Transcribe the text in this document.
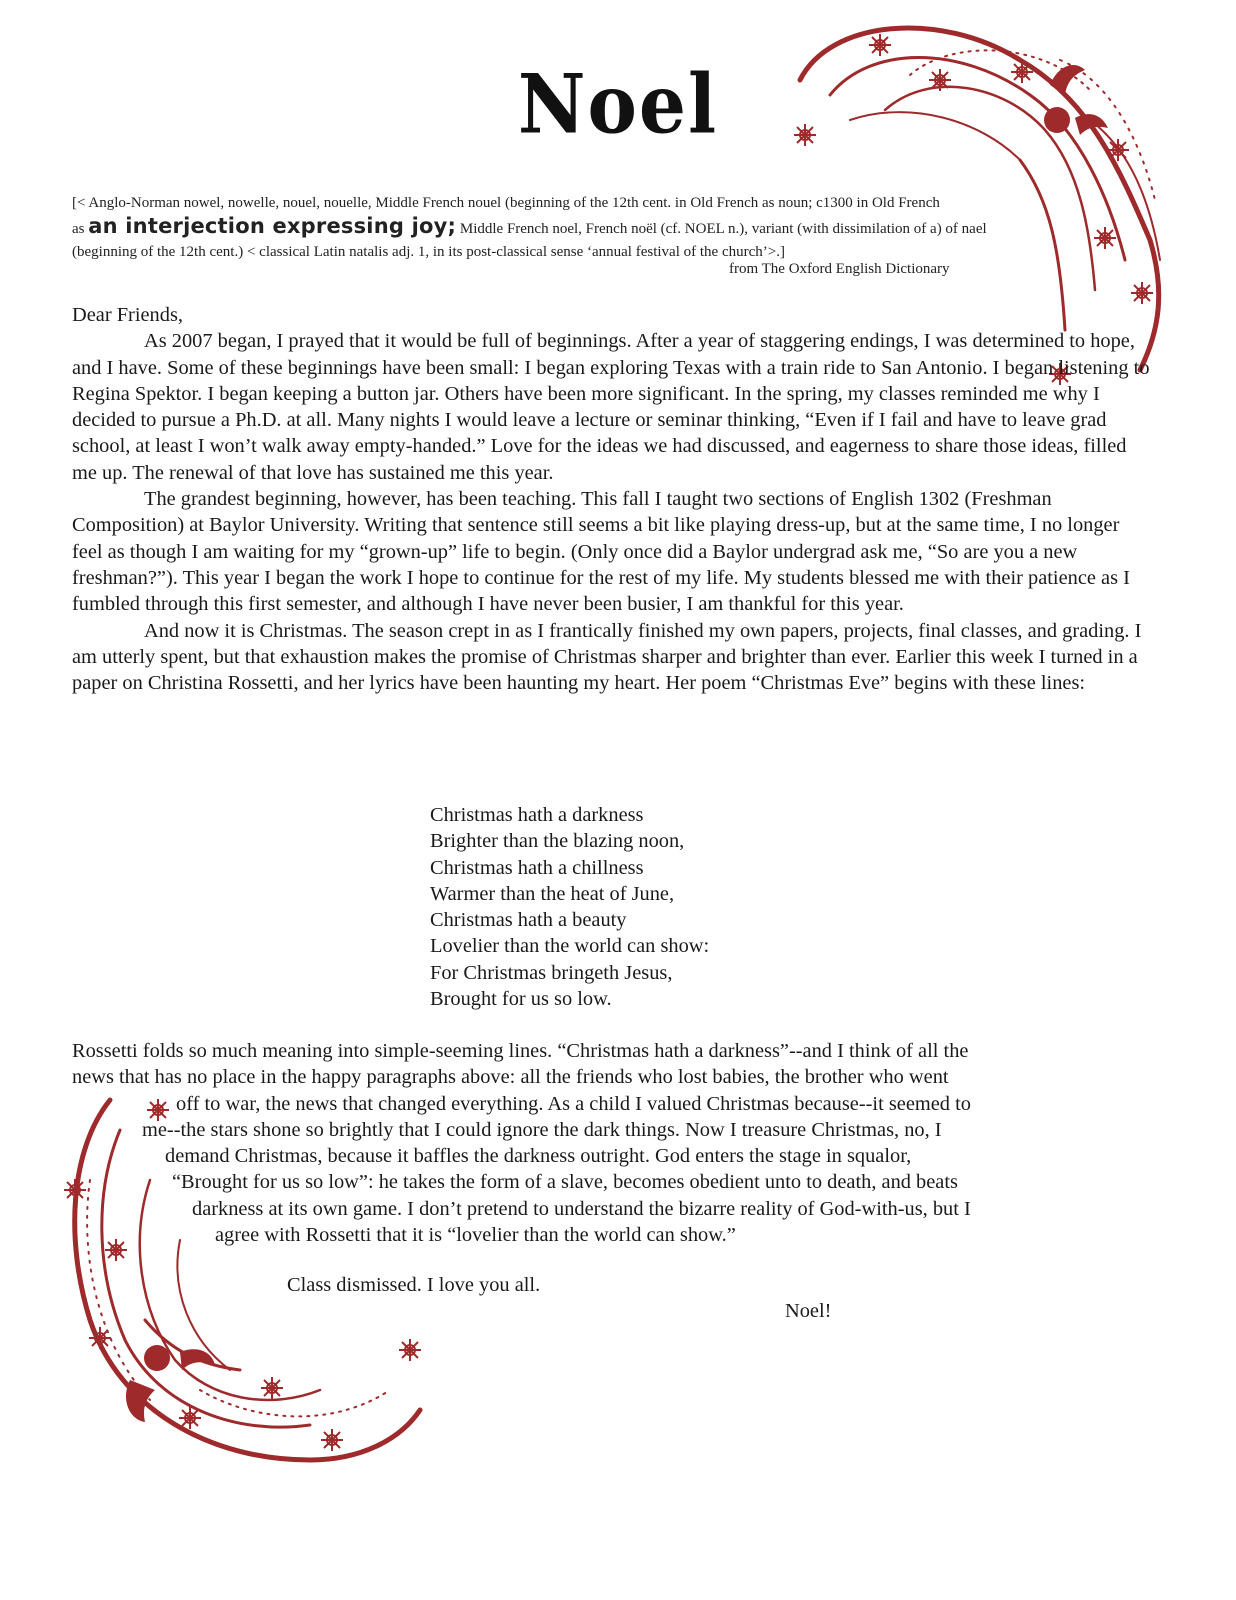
Noel
[< Anglo-Norman nowel, nowelle, nouel, nouelle, Middle French nouel (beginning of the 12th cent. in Old French as noun; c1300 in Old French
as an interjection expressing joy; Middle French noel, French noël (cf. NOEL n.), variant (with dissimilation of a) of nael
(beginning of the 12th cent.) < classical Latin natalis adj. 1, in its post-classical sense ‘annual festival of the church’>.]
from The Oxford English Dictionary

Dear Friends,

As 2007 began, I prayed that it would be full of beginnings. After a year of staggering endings, I was determined to hope, and I have. Some of these beginnings have been small: I began exploring Texas with a train ride to San Antonio. I began listening to Regina Spektor. I began keeping a button jar. Others have been more significant. In the spring, my classes reminded me why I decided to pursue a Ph.D. at all. Many nights I would leave a lecture or seminar thinking, “Even if I fail and have to leave grad school, at least I won’t walk away empty-handed.” Love for the ideas we had discussed, and eagerness to share those ideas, filled me up. The renewal of that love has sustained me this year.

The grandest beginning, however, has been teaching. This fall I taught two sections of English 1302 (Freshman Composition) at Baylor University. Writing that sentence still seems a bit like playing dress-up, but at the same time, I no longer feel as though I am waiting for my “grown-up” life to begin. (Only once did a Baylor undergrad ask me, “So are you a new freshman?”). This year I began the work I hope to continue for the rest of my life. My students blessed me with their patience as I fumbled through this first semester, and although I have never been busier, I am thankful for this year.

And now it is Christmas. The season crept in as I frantically finished my own papers, projects, final classes, and grading. I am utterly spent, but that exhaustion makes the promise of Christmas sharper and brighter than ever. Earlier this week I turned in a paper on Christina Rossetti, and her lyrics have been haunting my heart. Her poem “Christmas Eve” begins with these lines:

Christmas hath a darkness
Brighter than the blazing noon,
Christmas hath a chillness
Warmer than the heat of June,
Christmas hath a beauty
Lovelier than the world can show:
For Christmas bringeth Jesus,
Brought for us so low.
Rossetti folds so much meaning into simple-seeming lines. “Christmas hath a darkness”--and I think of all the
news that has no place in the happy paragraphs above: all the friends who lost babies, the brother who went
off to war, the news that changed everything. As a child I valued Christmas because--it seemed to
me--the stars shone so brightly that I could ignore the dark things. Now I treasure Christmas, no, I
demand Christmas, because it baffles the darkness outright. God enters the stage in squalor,
“Brought for us so low”: he takes the form of a slave, becomes obedient unto to death, and beats
darkness at its own game. I don’t pretend to understand the bizarre reality of God-with-us, but I
agree with Rossetti that it is “lovelier than the world can show.”
Class dismissed. I love you all.
Noel!
